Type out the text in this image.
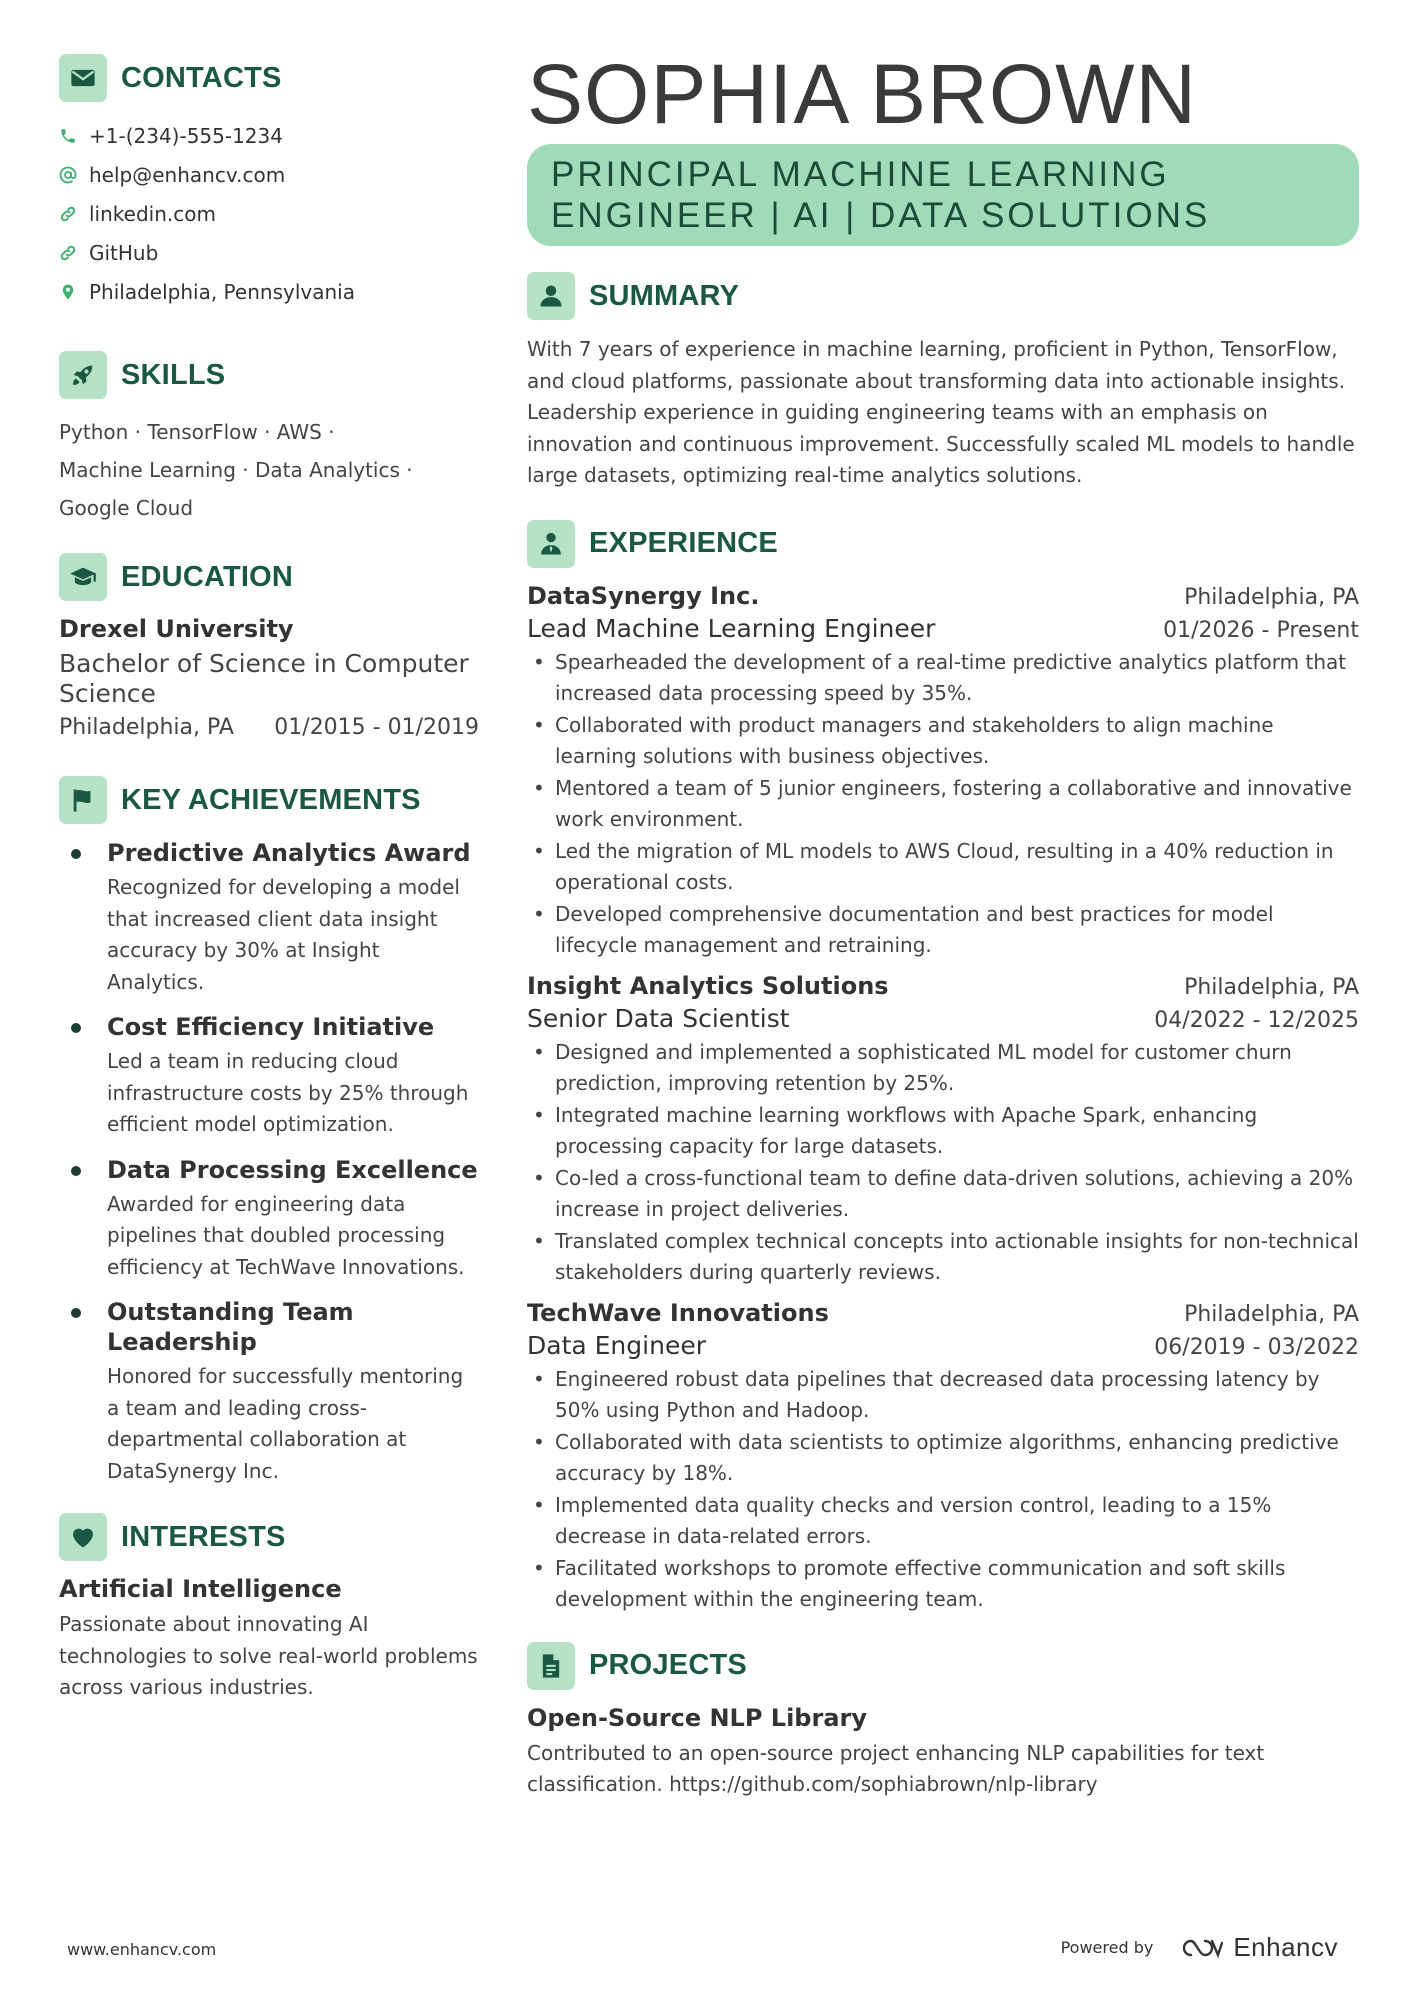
CONTACTS
+1-(234)-555-1234
help@enhancv.com
linkedin.com
GitHub
Philadelphia, Pennsylvania
SKILLS
Python · TensorFlow · AWS ·
Machine Learning · Data Analytics ·
Google Cloud
EDUCATION
Drexel University
Bachelor of Science in Computer Science
Philadelphia, PA 01/2015 - 01/2019
KEY ACHIEVEMENTS
Predictive Analytics Award
Recognized for developing a model that increased client data insight accuracy by 30% at Insight Analytics.
Cost Efficiency Initiative
Led a team in reducing cloud infrastructure costs by 25% through efficient model optimization.
Data Processing Excellence
Awarded for engineering data pipelines that doubled processing efficiency at TechWave Innovations.
Outstanding Team Leadership
Honored for successfully mentoring a team and leading cross-departmental collaboration at DataSynergy Inc.
INTERESTS
Artificial Intelligence
Passionate about innovating AI technologies to solve real-world problems across various industries.
SOPHIA BROWN
PRINCIPAL MACHINE LEARNING
ENGINEER | AI | DATA SOLUTIONS
SUMMARY
With 7 years of experience in machine learning, proficient in Python, TensorFlow, and cloud platforms, passionate about transforming data into actionable insights. Leadership experience in guiding engineering teams with an emphasis on innovation and continuous improvement. Successfully scaled ML models to handle large datasets, optimizing real-time analytics solutions.
EXPERIENCE
DataSynergy Inc.	Philadelphia, PA
Lead Machine Learning Engineer	01/2026 - Present
• Spearheaded the development of a real-time predictive analytics platform that increased data processing speed by 35%.
• Collaborated with product managers and stakeholders to align machine learning solutions with business objectives.
• Mentored a team of 5 junior engineers, fostering a collaborative and innovative work environment.
• Led the migration of ML models to AWS Cloud, resulting in a 40% reduction in operational costs.
• Developed comprehensive documentation and best practices for model lifecycle management and retraining.
Insight Analytics Solutions	Philadelphia, PA
Senior Data Scientist	04/2022 - 12/2025
• Designed and implemented a sophisticated ML model for customer churn prediction, improving retention by 25%.
• Integrated machine learning workflows with Apache Spark, enhancing processing capacity for large datasets.
• Co-led a cross-functional team to define data-driven solutions, achieving a 20% increase in project deliveries.
• Translated complex technical concepts into actionable insights for non-technical stakeholders during quarterly reviews.
TechWave Innovations	Philadelphia, PA
Data Engineer	06/2019 - 03/2022
• Engineered robust data pipelines that decreased data processing latency by 50% using Python and Hadoop.
• Collaborated with data scientists to optimize algorithms, enhancing predictive accuracy by 18%.
• Implemented data quality checks and version control, leading to a 15% decrease in data-related errors.
• Facilitated workshops to promote effective communication and soft skills development within the engineering team.
PROJECTS
Open-Source NLP Library
Contributed to an open-source project enhancing NLP capabilities for text classification. https://github.com/sophiabrown/nlp-library
www.enhancv.com	Powered by	Enhancv
